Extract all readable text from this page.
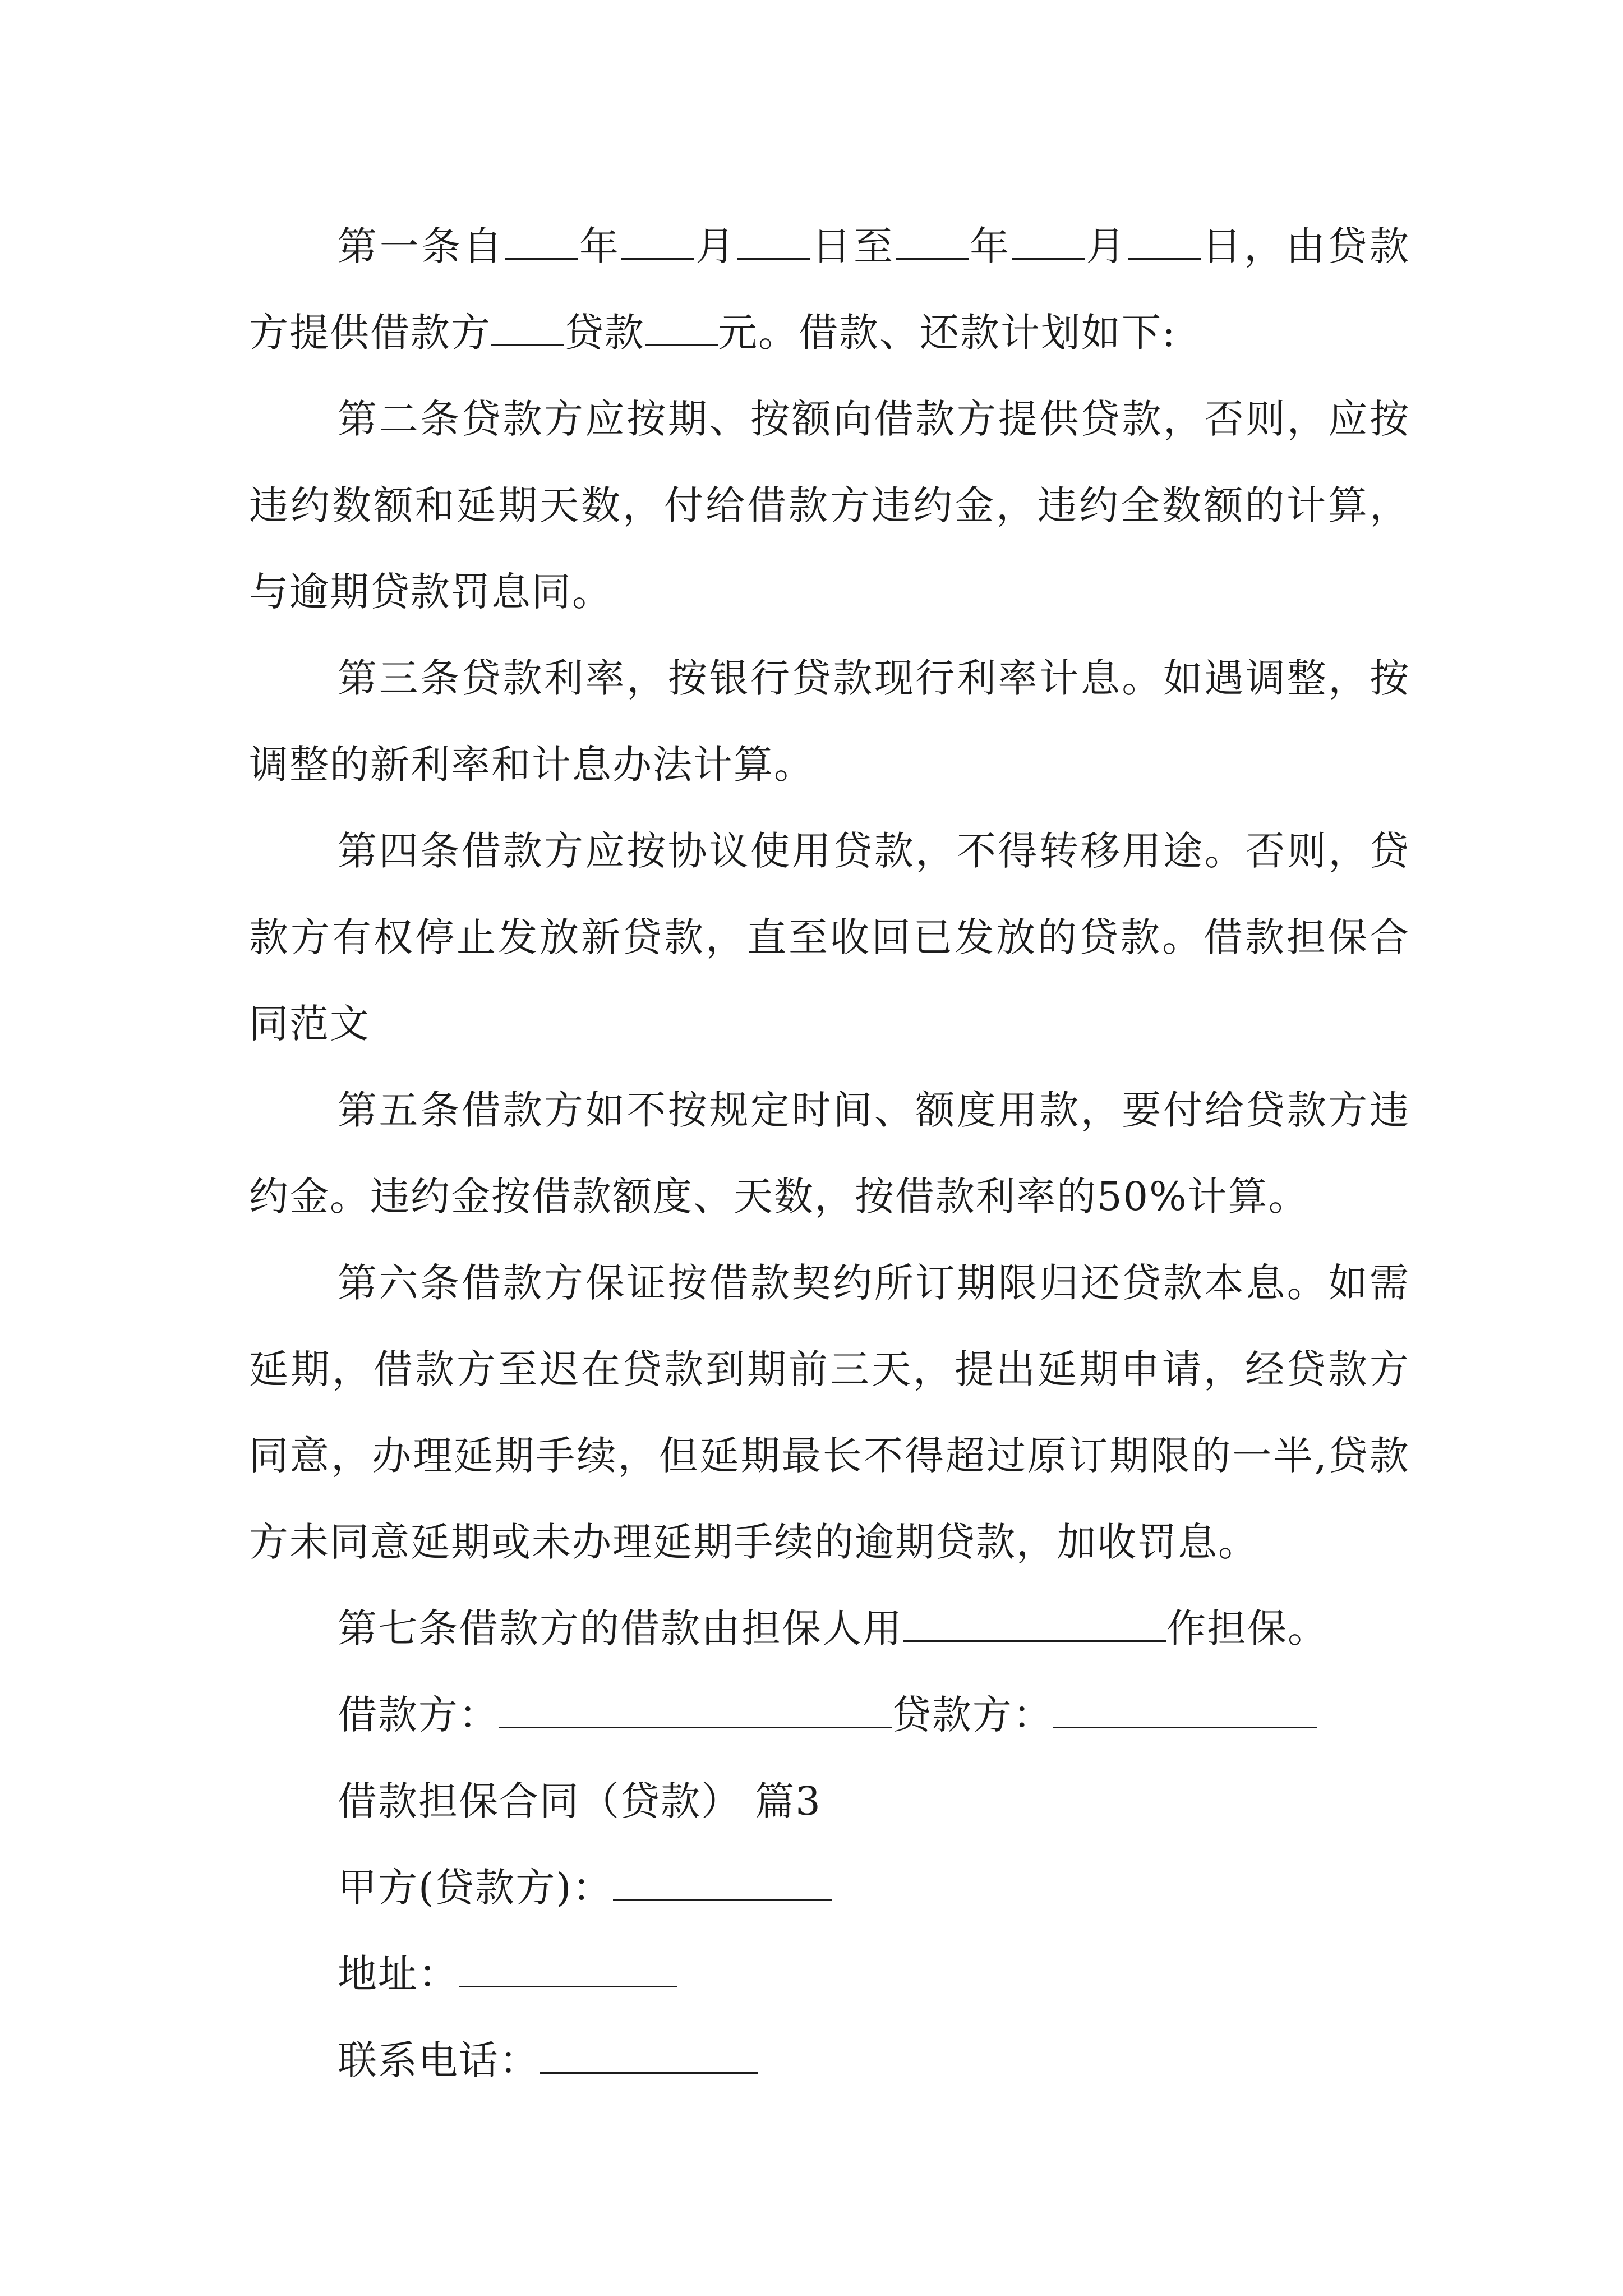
第一条自 年 月 日至 年 月 日，由贷款方提供借款方 贷款 元。借款、还款计划如下:

第二条贷款方应按期、按额向借款方提供贷款，否则，应按违约数额和延期天数，付给借款方违约金，违约全数额的计算，与逾期贷款罚息同。

第三条贷款利率，按银行贷款现行利率计息。如遇调整，按调整的新利率和计息办法计算。

第四条借款方应按协议使用贷款，不得转移用途。否则，贷款方有权停止发放新贷款，直至收回已发放的贷款。借款担保合同范文

第五条借款方如不按规定时间、额度用款，要付给贷款方违约金。违约金按借款额度、天数，按借款利率的50%计算。

第六条借款方保证按借款契约所订期限归还贷款本息。如需延期，借款方至迟在贷款到期前三天，提出延期申请，经贷款方同意，办理延期手续，但延期最长不得超过原订期限的一半,贷款方未同意延期或未办理延期手续的逾期贷款，加收罚息。

第七条借款方的借款由担保人用	作担保。

借款方：	贷款方：

借款担保合同（贷款） 篇3

甲方(贷款方)：

地址：

联系电话：
